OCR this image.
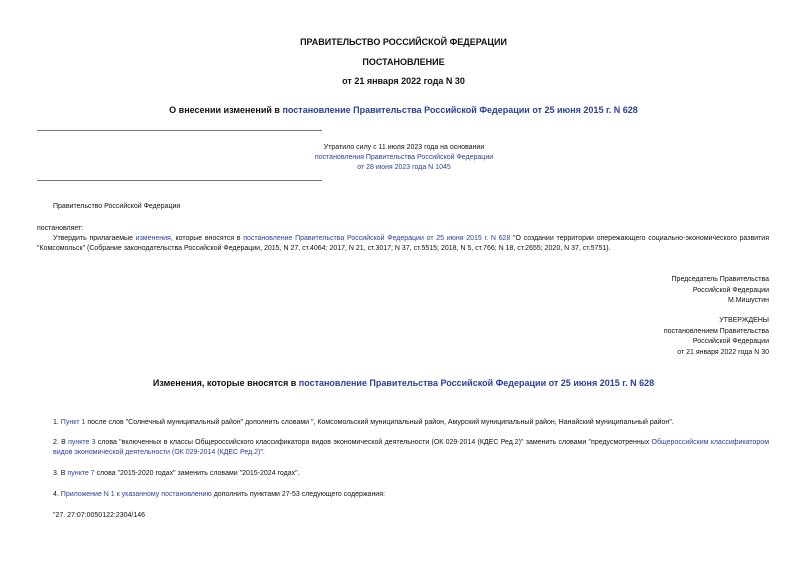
ПРАВИТЕЛЬСТВО РОССИЙСКОЙ ФЕДЕРАЦИИ
ПОСТАНОВЛЕНИЕ
от 21 января 2022 года N 30
О внесении изменений в постановление Правительства Российской Федерации от 25 июня 2015 г. N 628
Утратило силу с 11 июля 2023 года на основании
постановления Правительства Российской Федерации
от 28 июня 2023 года N 1045
Правительство Российской Федерации
постановляет:
Утвердить прилагаемые изменения, которые вносятся в постановление Правительства Российской Федерации от 25 июня 2015 г. N 628 "О создании территории опережающего социально-экономического развития "Комсомольск" (Собрание законодательства Российской Федерации, 2015, N 27, ст.4064; 2017, N 21, ст.3017; N 37, ст.5515; 2018, N 5, ст.766; N 18, ст.2655; 2020, N 37, ст.5751).
Председатель Правительства
Российской Федерации
М.Мишустин
УТВЕРЖДЕНЫ
постановлением Правительства
Российской Федерации
от 21 января 2022 года N 30
Изменения, которые вносятся в постановление Правительства Российской Федерации от 25 июня 2015 г. N 628
1. Пункт 1 после слов "Солнечный муниципальный район" дополнить словами ", Комсомольский муниципальный район, Амурский муниципальный район, Нанайский муниципальный район".
2. В пункте 3 слова "включенных в классы Общероссийского классификатора видов экономической деятельности (ОК 029-2014 (КДЕС Ред.2)" заменить словами "предусмотренных Общероссийским классификатором видов экономической деятельности (ОК 029-2014 (КДЕС Ред.2)".
3. В пункте 7 слова "2015-2020 годах" заменить словами "2015-2024 годах".
4. Приложение N 1 к указанному постановлению дополнить пунктами 27-53 следующего содержания:
"27. 27:07:0050122:2304/146
